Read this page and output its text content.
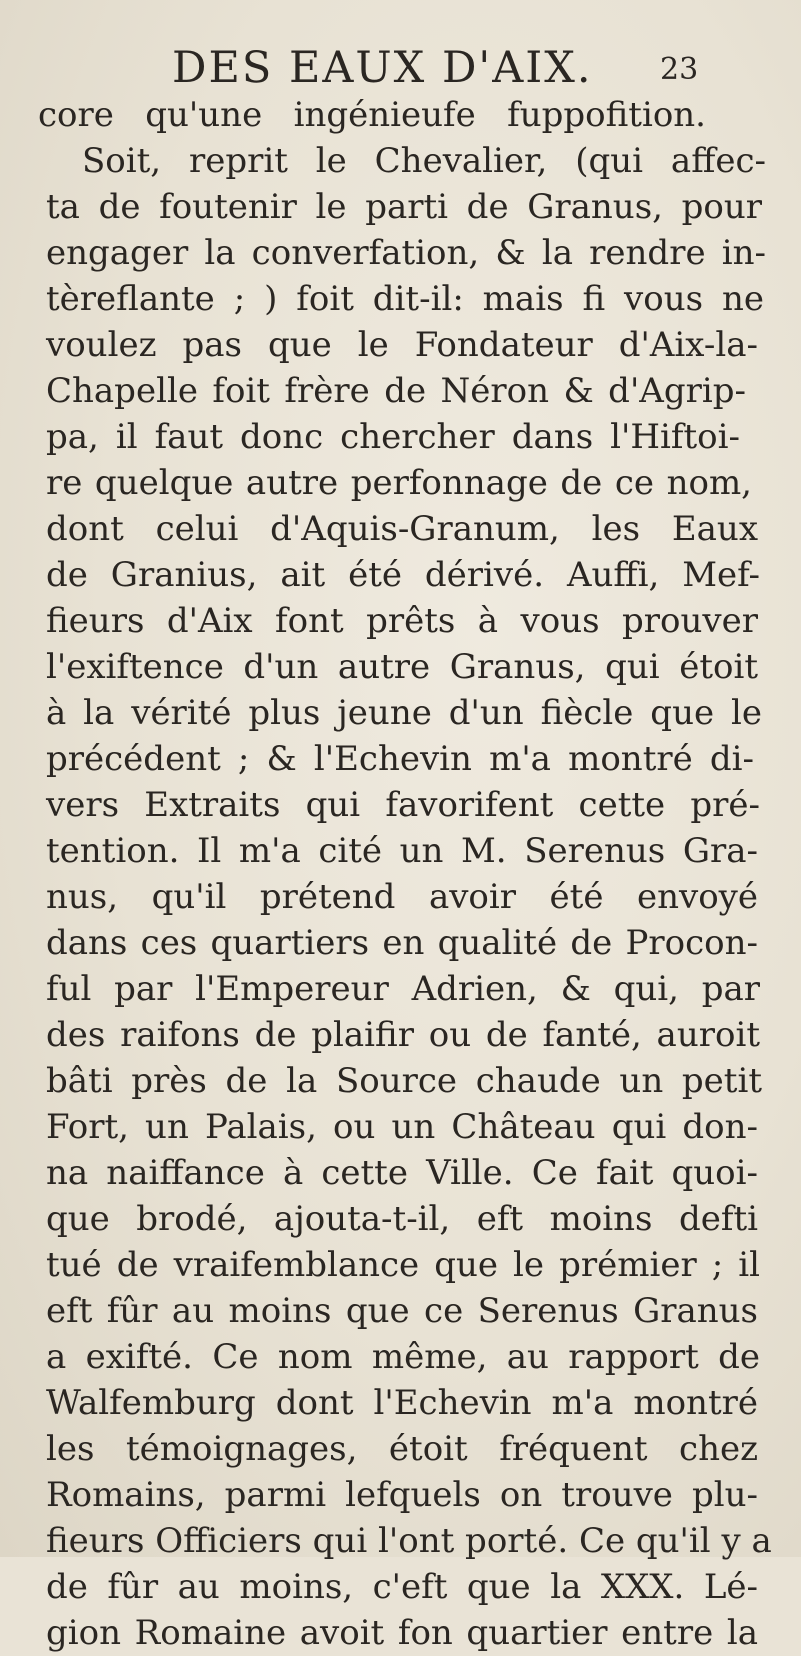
DES EAUX D'AIX. 23
core qu'une ingénieufe fuppofition.
Soit, reprit le Chevalier, (qui affec-
ta de foutenir le parti de Granus, pour
engager la converfation, & la rendre in-
tèreflante ; ) foit dit-il: mais fi vous ne
voulez pas que le Fondateur d'Aix-la-
Chapelle foit frère de Néron & d'Agrip-
pa, il faut donc chercher dans l'Hiftoi-
re quelque autre perfonnage de ce nom,
dont celui d'Aquis-Granum, les Eaux
de Granius, ait été dérivé. Auffi, Mef-
fieurs d'Aix font prêts à vous prouver
l'exiftence d'un autre Granus, qui étoit
à la vérité plus jeune d'un fiècle que le
précédent ; & l'Echevin m'a montré di-
vers Extraits qui favorifent cette pré-
tention. Il m'a cité un M. Serenus Gra-
nus, qu'il prétend avoir été envoyé
dans ces quartiers en qualité de Procon-
ful par l'Empereur Adrien, & qui, par
des raifons de plaifir ou de fanté, auroit
bâti près de la Source chaude un petit
Fort, un Palais, ou un Château qui don-
na naiffance à cette Ville. Ce fait quoi-
que brodé, ajouta-t-il, eft moins defti
tué de vraifemblance que le prémier ; il
eft fûr au moins que ce Serenus Granus
a exifté. Ce nom même, au rapport de
Walfemburg dont l'Echevin m'a montré
les témoignages, étoit fréquent chez
Romains, parmi lefquels on trouve plu-
fieurs Officiers qui l'ont porté. Ce qu'il y a
de fûr au moins, c'eft que la XXX. Lé-
gion Romaine avoit fon quartier entre la
